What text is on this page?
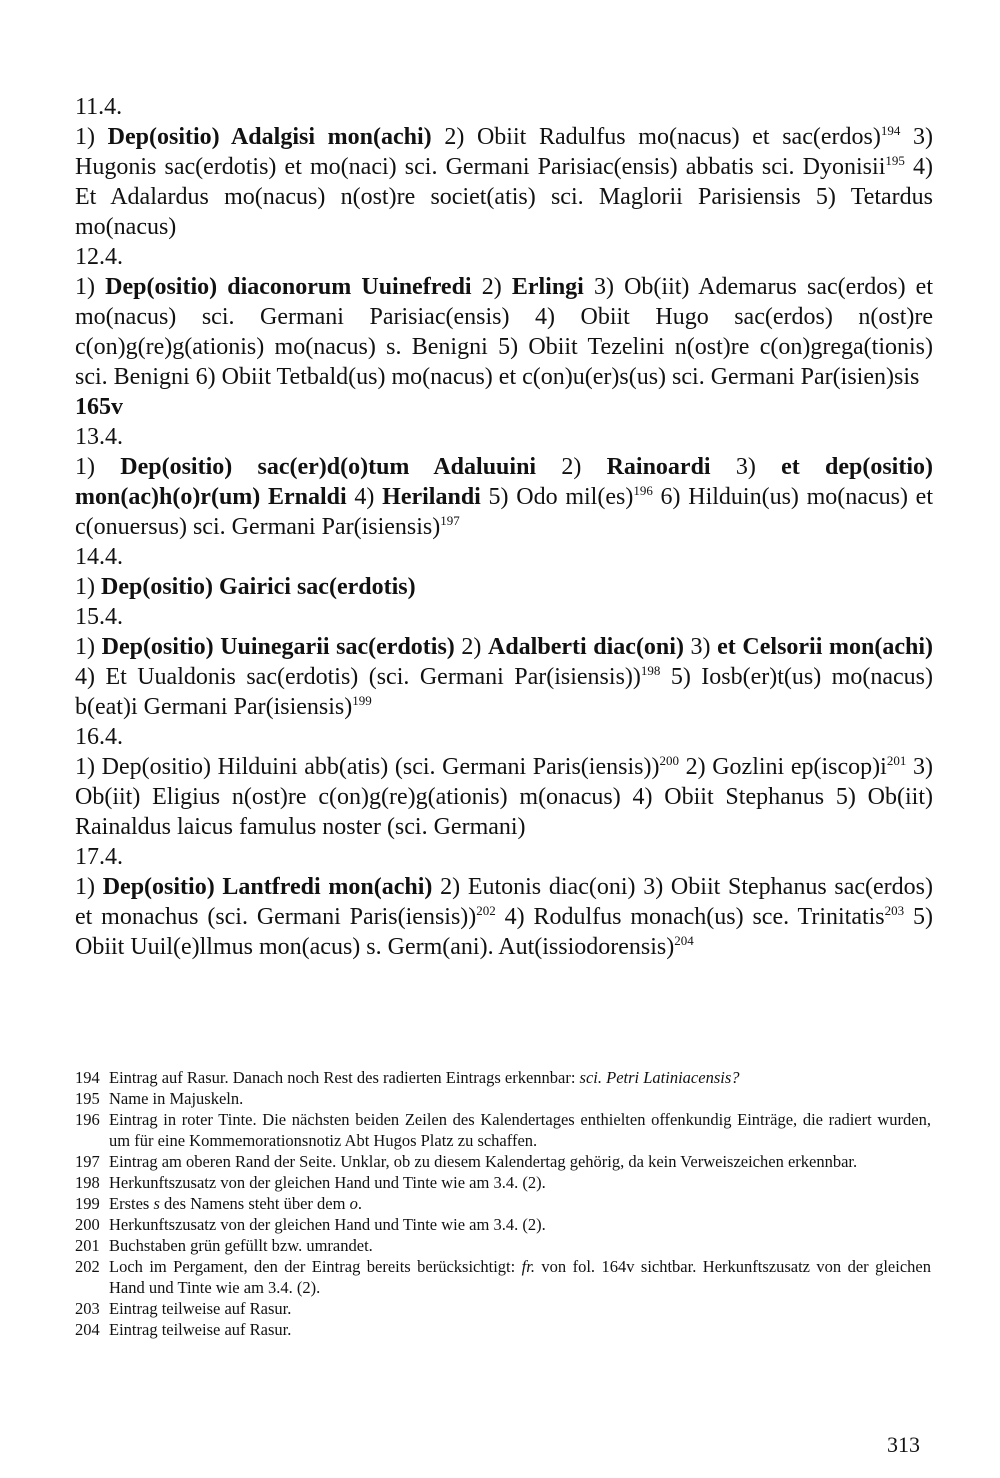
11.4.

1) Dep(ositio) Adalgisi mon(achi) 2) Obiit Radulfus mo(nacus) et sac(erdos)$^{194}$ 3) Hugonis sac(erdotis) et mo(naci) sci. Germani Parisiac(ensis) abbatis sci. Dyonisii$^{195}$ 4) Et Adalardus mo(nacus) n(ost)re societ(atis) sci. Maglorii Parisiensis 5) Tetardus mo(nacus)

12.4.

1) Dep(ositio) diaconorum Uuinefredi 2) Erlingi 3) Ob(iit) Ademarus sac(erdos) et mo(nacus) sci. Germani Parisiac(ensis) 4) Obiit Hugo sac(erdos) n(ost)re c(on)g(re)g(ationis) mo(nacus) s. Benigni 5) Obiit Tezelini n(ost)re c(on)grega(tionis) sci. Benigni 6) Obiit Tetbald(us) mo(nacus) et c(on)u(er)s(us) sci. Germani Par(isien)sis

165v

13.4.

1) Dep(ositio) sac(er)d(o)tum Adaluuini 2) Rainoardi 3) et dep(ositio) mon(ac)h(o)r(um) Ernaldi 4) Herilandi 5) Odo mil(es)$^{196}$ 6) Hilduin(us) mo(nacus) et c(onuersus) sci. Germani Par(isiensis)$^{197}$

14.4.

1) Dep(ositio) Gairici sac(erdotis)

15.4.

1) Dep(ositio) Uuinegarii sac(erdotis) 2) Adalberti diac(oni) 3) et Celsorii mon(achi) 4) Et Uualdonis sac(erdotis) (sci. Germani Par(isiensis))$^{198}$ 5) Iosb(er)t(us) mo(nacus) b(eat)i Germani Par(isiensis)$^{199}$

16.4.

1) Dep(ositio) Hilduini abb(atis) (sci. Germani Paris(iensis))$^{200}$ 2) Gozlini $ep(iscop)i^{201}$ 3) Ob(iit) Eligius n(ost)re c(on)g(re)g(ationis) m(onacus) 4) Obiit Stephanus 5) Ob(iit) Rainaldus laicus famulus noster (sci. Germani)

17.4.

1) Dep(ositio) Lantfredi mon(achi) 2) Eutonis diac(oni) 3) Obiit Stephanus sac(erdos) et monachus (sci. Germani Paris(iensis))$^{202}$ 4) Rodulfus monach(us) sce. Trinitatis$^{203}$ 5) Obiit Uuil(e)llmus mon(acus) s. Germ(ani). Aut(issiodorensis)$^{204}$

194 Eintrag auf Rasur. Danach noch Rest des radierten Eintrags erkennbar: sci. Petri Latiniacensis?
195 Name in Majuskeln.
196 Eintrag in roter Tinte. Die nächsten beiden Zeilen des Kalendertages enthielten offenkundig Einträge, die radiert wurden, um für eine Kommemorationsnotiz Abt Hugos Platz zu schaffen.
197 Eintrag am oberen Rand der Seite. Unklar, ob zu diesem Kalendertag gehörig, da kein Verweiszeichen erkennbar.
198 Herkunftszusatz von der gleichen Hand und Tinte wie am 3.4. (2).
199 Erstes s des Namens steht über dem o.
200 Herkunftszusatz von der gleichen Hand und Tinte wie am 3.4. (2).
201 Buchstaben grün gefüllt bzw. umrandet.
202 Loch im Pergament, den der Eintrag bereits berücksichtigt: fr. von fol. 164v sichtbar. Herkunftszusatz von der gleichen Hand und Tinte wie am 3.4. (2).
203 Eintrag teilweise auf Rasur.
204 Eintrag teilweise auf Rasur.
313
